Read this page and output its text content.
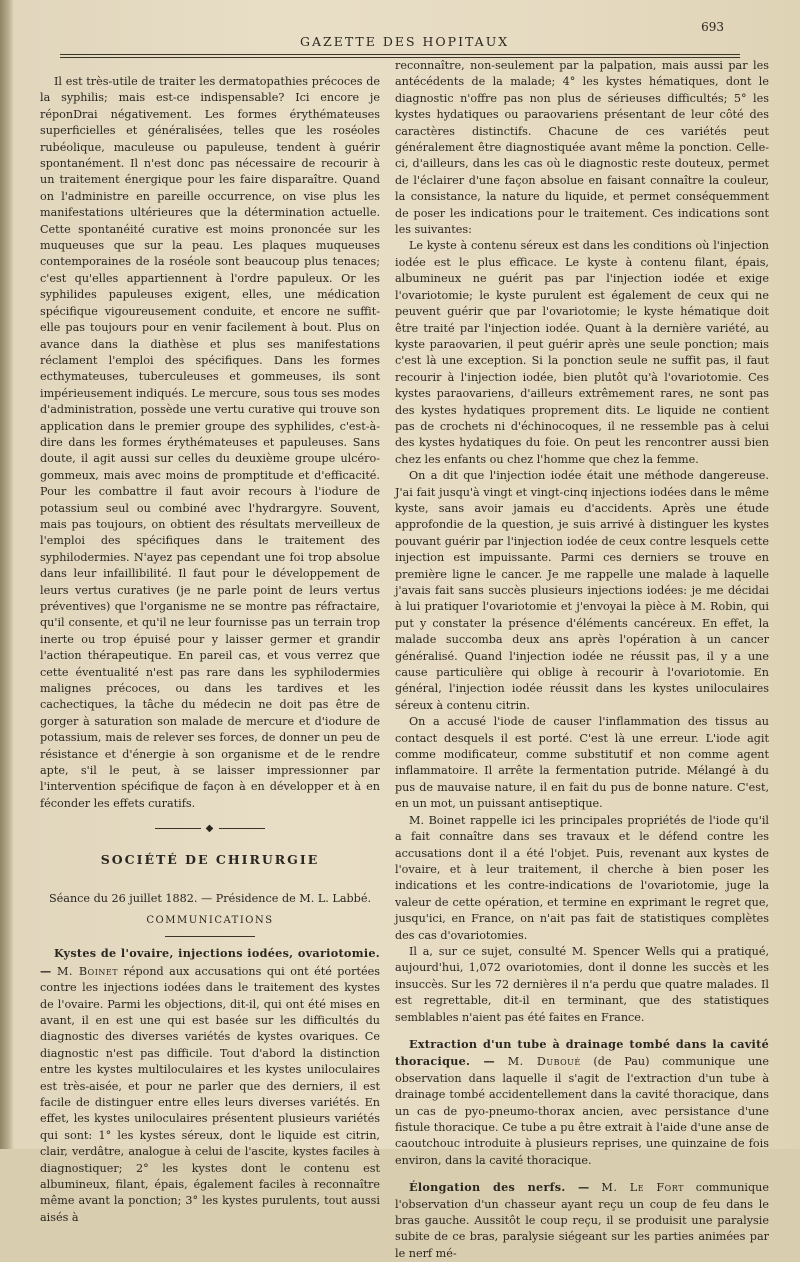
GAZETTE DES HOPITAUX
693

Il est très-utile de traiter les dermatopathies précoces de la syphilis; mais est-ce indispensable? Ici encore je réponDrai négativement. Les formes érythémateuses superficielles et généralisées, telles que les roséoles rubéolique, maculeuse ou papuleuse, tendent à guérir spontanément. Il n'est donc pas nécessaire de recourir à un traitement énergique pour les faire disparaître. Quand on l'administre en pareille occurrence, on vise plus les manifestations ultérieures que la détermination actuelle. Cette spontanéité curative est moins prononcée sur les muqueuses que sur la peau. Les plaques muqueuses contemporaines de la roséole sont beaucoup plus tenaces; c'est qu'elles appartiennent à l'ordre papuleux. Or les syphilides papuleuses exigent, elles, une médication spécifique vigoureusement conduite, et encore ne suffit-elle pas toujours pour en venir facilement à bout. Plus on avance dans la diathèse et plus ses manifestations réclament l'emploi des spécifiques. Dans les formes ecthymateuses, tuberculeuses et gommeuses, ils sont impérieusement indiqués. Le mercure, sous tous ses modes d'administration, possède une vertu curative qui trouve son application dans le premier groupe des syphilides, c'est-à-dire dans les formes érythémateuses et papuleuses. Sans doute, il agit aussi sur celles du deuxième groupe ulcéro-gommeux, mais avec moins de promptitude et d'efficacité. Pour les combattre il faut avoir recours à l'iodure de potassium seul ou combiné avec l'hydrargyre. Souvent, mais pas toujours, on obtient des résultats merveilleux de l'emploi des spécifiques dans le traitement des syphilodermies. N'ayez pas cependant une foi trop absolue dans leur infaillibilité. Il faut pour le développement de leurs vertus curatives (je ne parle point de leurs vertus préventives) que l'organisme ne se montre pas réfractaire, qu'il consente, et qu'il ne leur fournisse pas un terrain trop inerte ou trop épuisé pour y laisser germer et grandir l'action thérapeutique. En pareil cas, et vous verrez que cette éventualité n'est pas rare dans les syphilodermies malignes précoces, ou dans les tardives et les cachectiques, la tâche du médecin ne doit pas être de gorger à saturation son malade de mercure et d'iodure de potassium, mais de relever ses forces, de donner un peu de résistance et d'énergie à son organisme et de le rendre apte, s'il le peut, à se laisser impressionner par l'intervention spécifique de façon à en développer et à en féconder les effets curatifs.

◆
SOCIÉTÉ DE CHIRURGIE
Séance du 26 juillet 1882. — Présidence de M. L. Labbé.
COMMUNICATIONS

Kystes de l'ovaire, injections iodées, ovariotomie. — M. Boinet répond aux accusations qui ont été portées contre les injections iodées dans le traitement des kystes de l'ovaire. Parmi les objections, dit-il, qui ont été mises en avant, il en est une qui est basée sur les difficultés du diagnostic des diverses variétés de kystes ovariques. Ce diagnostic n'est pas difficile. Tout d'abord la distinction entre les kystes multiloculaires et les kystes uniloculaires est très-aisée, et pour ne parler que des derniers, il est facile de distinguer entre elles leurs diverses variétés. En effet, les kystes uniloculaires présentent plusieurs variétés qui sont: 1° les kystes séreux, dont le liquide est citrin, clair, verdâtre, analogue à celui de l'ascite, kystes faciles à diagnostiquer; 2° les kystes dont le contenu est albumineux, filant, épais, également faciles à reconnaître même avant la ponction; 3° les kystes purulents, tout aussi aisés à

reconnaître, non-seulement par la palpation, mais aussi par les antécédents de la malade; 4° les kystes hématiques, dont le diagnostic n'offre pas non plus de sérieuses difficultés; 5° les kystes hydatiques ou paraovariens présentant de leur côté des caractères distinctifs. Chacune de ces variétés peut généralement être diagnostiquée avant même la ponction. Celle-ci, d'ailleurs, dans les cas où le diagnostic reste douteux, permet de l'éclairer d'une façon absolue en faisant connaître la couleur, la consistance, la nature du liquide, et permet conséquemment de poser les indications pour le traitement. Ces indications sont les suivantes:

Le kyste à contenu séreux est dans les conditions où l'injection iodée est le plus efficace. Le kyste à contenu filant, épais, albumineux ne guérit pas par l'injection iodée et exige l'ovariotomie; le kyste purulent est également de ceux qui ne peuvent guérir que par l'ovariotomie; le kyste hématique doit être traité par l'injection iodée. Quant à la dernière variété, au kyste paraovarien, il peut guérir après une seule ponction; mais c'est là une exception. Si la ponction seule ne suffit pas, il faut recourir à l'injection iodée, bien plutôt qu'à l'ovariotomie. Ces kystes paraovariens, d'ailleurs extrêmement rares, ne sont pas des kystes hydatiques proprement dits. Le liquide ne contient pas de crochets ni d'échinocoques, il ne ressemble pas à celui des kystes hydatiques du foie. On peut les rencontrer aussi bien chez les enfants ou chez l'homme que chez la femme.

On a dit que l'injection iodée était une méthode dangereuse. J'ai fait jusqu'à vingt et vingt-cinq injections iodées dans le même kyste, sans avoir jamais eu d'accidents. Après une étude approfondie de la question, je suis arrivé à distinguer les kystes pouvant guérir par l'injection iodée de ceux contre lesquels cette injection est impuissante. Parmi ces derniers se trouve en première ligne le cancer. Je me rappelle une malade à laquelle j'avais fait sans succès plusieurs injections iodées: je me décidai à lui pratiquer l'ovariotomie et j'envoyai la pièce à M. Robin, qui put y constater la présence d'éléments cancéreux. En effet, la malade succomba deux ans après l'opération à un cancer généralisé. Quand l'injection iodée ne réussit pas, il y a une cause particulière qui oblige à recourir à l'ovariotomie. En général, l'injection iodée réussit dans les kystes uniloculaires séreux à contenu citrin.

On a accusé l'iode de causer l'inflammation des tissus au contact desquels il est porté. C'est là une erreur. L'iode agit comme modificateur, comme substitutif et non comme agent inflammatoire. Il arrête la fermentation putride. Mélangé à du pus de mauvaise nature, il en fait du pus de bonne nature. C'est, en un mot, un puissant antiseptique.

M. Boinet rappelle ici les principales propriétés de l'iode qu'il a fait connaître dans ses travaux et le défend contre les accusations dont il a été l'objet. Puis, revenant aux kystes de l'ovaire, et à leur traitement, il cherche à bien poser les indications et les contre-indications de l'ovariotomie, juge la valeur de cette opération, et termine en exprimant le regret que, jusqu'ici, en France, on n'ait pas fait de statistiques complètes des cas d'ovariotomies.

Il a, sur ce sujet, consulté M. Spencer Wells qui a pratiqué, aujourd'hui, 1,072 ovariotomies, dont il donne les succès et les insuccès. Sur les 72 dernières il n'a perdu que quatre malades. Il est regrettable, dit-il en terminant, que des statistiques semblables n'aient pas été faites en France.

Extraction d'un tube à drainage tombé dans la cavité thoracique. — M. Duboué (de Pau) communique une observation dans laquelle il s'agit de l'extraction d'un tube à drainage tombé accidentellement dans la cavité thoracique, dans un cas de pyo-pneumo-thorax ancien, avec persistance d'une fistule thoracique. Ce tube a pu être extrait à l'aide d'une anse de caoutchouc introduite à plusieurs reprises, une quinzaine de fois environ, dans la cavité thoracique.

Élongation des nerfs. — M. Le Fort communique l'observation d'un chasseur ayant reçu un coup de feu dans le bras gauche. Aussitôt le coup reçu, il se produisit une paralysie subite de ce bras, paralysie siégeant sur les parties animées par le nerf mé-
